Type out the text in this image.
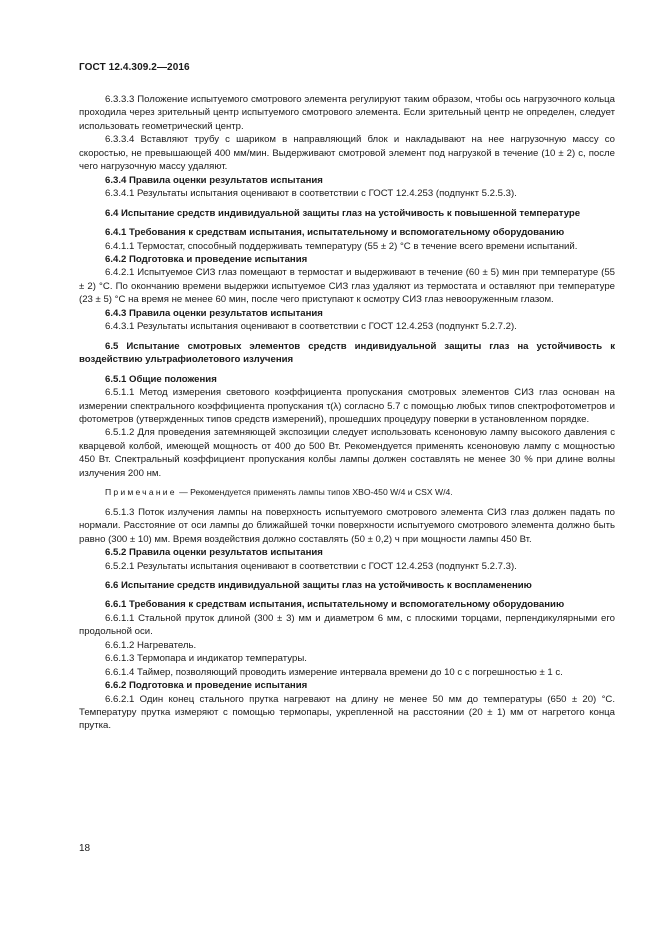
ГОСТ 12.4.309.2—2016

6.3.3.3 Положение испытуемого смотрового элемента регулируют таким образом, чтобы ось нагрузочного кольца проходила через зрительный центр испытуемого смотрового элемента. Если зрительный центр не определен, следует использовать геометрический центр.

6.3.3.4 Вставляют трубу с шариком в направляющий блок и накладывают на нее нагрузочную массу со скоростью, не превышающей 400 мм/мин. Выдерживают смотровой элемент под нагрузкой в течение (10 ± 2) с, после чего нагрузочную массу удаляют.

6.3.4 Правила оценки результатов испытания

6.3.4.1 Результаты испытания оценивают в соответствии с ГОСТ 12.4.253 (подпункт 5.2.5.3).

6.4 Испытание средств индивидуальной защиты глаз на устойчивость к повышенной температуре

6.4.1 Требования к средствам испытания, испытательному и вспомогательному оборудованию

6.4.1.1 Термостат, способный поддерживать температуру (55 ± 2) °С в течение всего времени испытаний.

6.4.2 Подготовка и проведение испытания

6.4.2.1 Испытуемое СИЗ глаз помещают в термостат и выдерживают в течение (60 ± 5) мин при температуре (55 ± 2) °С. По окончанию времени выдержки испытуемое СИЗ глаз удаляют из термостата и оставляют при температуре (23 ± 5) °С на время не менее 60 мин, после чего приступают к осмотру СИЗ глаз невооруженным глазом.

6.4.3 Правила оценки результатов испытания

6.4.3.1 Результаты испытания оценивают в соответствии с ГОСТ 12.4.253 (подпункт 5.2.7.2).

6.5 Испытание смотровых элементов средств индивидуальной защиты глаз на устойчивость к воздействию ультрафиолетового излучения

6.5.1 Общие положения

6.5.1.1 Метод измерения светового коэффициента пропускания смотровых элементов СИЗ глаз основан на измерении спектрального коэффициента пропускания τ(λ) согласно 5.7 с помощью любых типов спектрофотометров и фотометров (утвержденных типов средств измерений), прошедших процедуру поверки в установленном порядке.

6.5.1.2 Для проведения затемняющей экспозиции следует использовать ксеноновую лампу высокого давления с кварцевой колбой, имеющей мощность от 400 до 500 Вт. Рекомендуется применять ксеноновую лампу с мощностью 450 Вт. Спектральный коэффициент пропускания колбы лампы должен составлять не менее 30 % при длине волны излучения 200 нм.

Примечание — Рекомендуется применять лампы типов XBO-450 W/4 и CSX W/4.

6.5.1.3 Поток излучения лампы на поверхность испытуемого смотрового элемента СИЗ глаз должен падать по нормали. Расстояние от оси лампы до ближайшей точки поверхности испытуемого смотрового элемента должно быть равно (300 ± 10) мм. Время воздействия должно составлять (50 ± 0,2) ч при мощности лампы 450 Вт.

6.5.2 Правила оценки результатов испытания

6.5.2.1 Результаты испытания оценивают в соответствии с ГОСТ 12.4.253 (подпункт 5.2.7.3).

6.6 Испытание средств индивидуальной защиты глаз на устойчивость к воспламенению

6.6.1 Требования к средствам испытания, испытательному и вспомогательному оборудованию

6.6.1.1 Стальной пруток длиной (300 ± 3) мм и диаметром 6 мм, с плоскими торцами, перпендикулярными его продольной оси.

6.6.1.2 Нагреватель.

6.6.1.3 Термопара и индикатор температуры.

6.6.1.4 Таймер, позволяющий проводить измерение интервала времени до 10 с с погрешностью ± 1 с.

6.6.2 Подготовка и проведение испытания

6.6.2.1 Один конец стального прутка нагревают на длину не менее 50 мм до температуры (650 ± 20) °С. Температуру прутка измеряют с помощью термопары, укрепленной на расстоянии (20 ± 1) мм от нагретого конца прутка.

18
